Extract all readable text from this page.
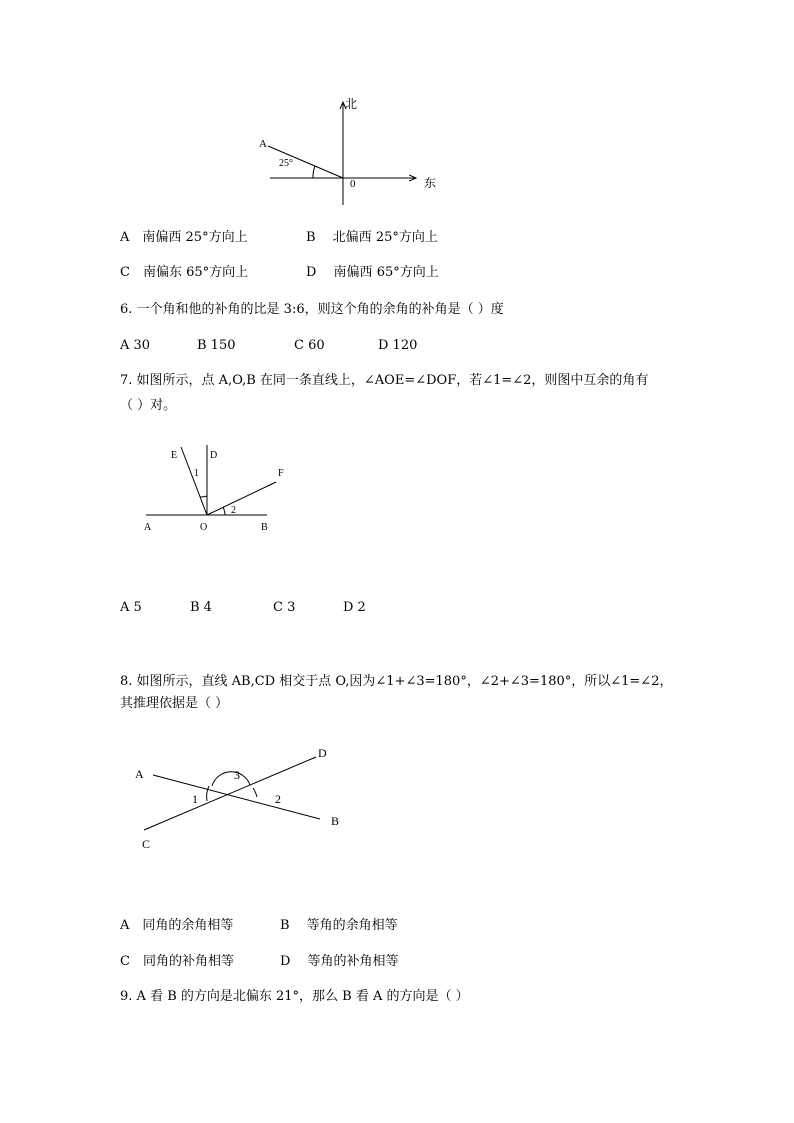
北
东
A
0
25°
A　南偏西 25°方向上	B　 北偏西 25°方向上
C　南偏东 65°方向上	D　 南偏西 65°方向上
6. 一个角和他的补角的比是 3:6，则这个角的余角的补角是（ ）度
A 30	B 150	C 60	D 120
7. 如图所示，点 A,O,B 在同一条直线上，∠AOE=∠DOF，若∠1=∠2，则图中互余的角有
（ ）对。
E	D
F
A	O	B
1
2
A 5	B 4	C 3	D 2
8. 如图所示，直线 AB,CD 相交于点 O,因为∠1+∠3=180°，∠2+∠3=180°，所以∠1=∠2，
其推理依据是（ ）
A
D
B
C
1	2
3
A　同角的余角相等	B　 等角的余角相等
C　同角的补角相等	D　 等角的补角相等
9. A 看 B 的方向是北偏东 21°，那么 B 看 A 的方向是（ ）
